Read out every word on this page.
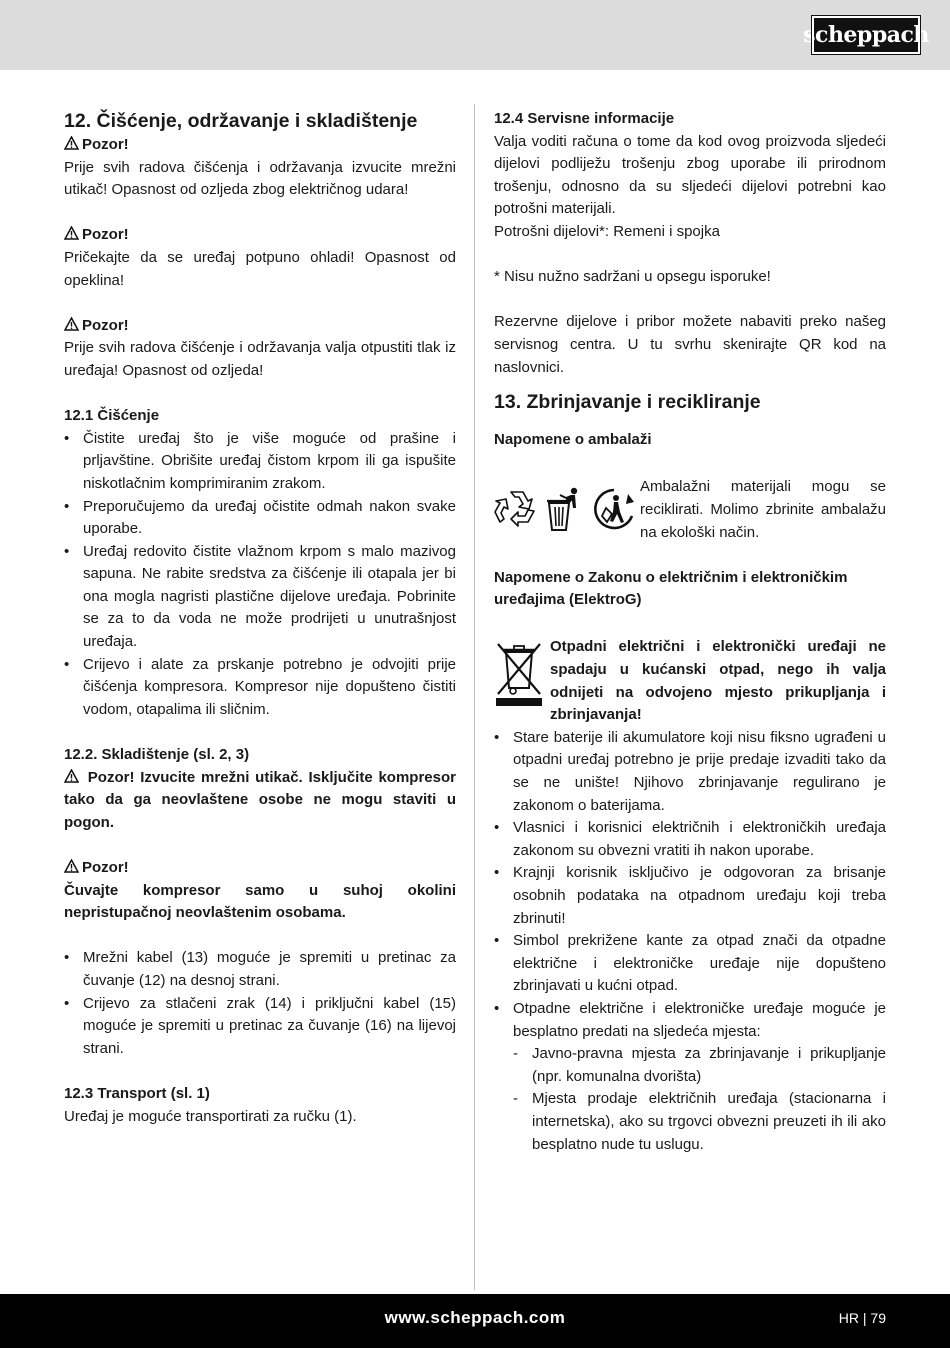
scheppach

12. Čišćenje, održavanje i skladištenje

Pozor!

Prije svih radova čišćenja i održavanja izvucite mrežni utikač! Opasnost od ozljeda zbog električnog udara!

Pozor!

Pričekajte da se uređaj potpuno ohladi! Opasnost od opeklina!

Pozor!

Prije svih radova čišćenje i održavanja valja otpustiti tlak iz uređaja! Opasnost od ozljeda!

12.1 Čišćenje

• Čistite uređaj što je više moguće od prašine i prljavštine. Obrišite uređaj čistom krpom ili ga ispušite niskotlačnim komprimiranim zrakom.
• Preporučujemo da uređaj očistite odmah nakon svake uporabe.
• Uređaj redovito čistite vlažnom krpom s malo mazivog sapuna. Ne rabite sredstva za čišćenje ili otapala jer bi ona mogla nagristi plastične dijelove uređaja. Pobrinite se za to da voda ne može prodrijeti u unutrašnjost uređaja.
• Crijevo i alate za prskanje potrebno je odvojiti prije čišćenja kompresora. Kompresor nije dopušteno čistiti vodom, otapalima ili sličnim.

12.2. Skladištenje (sl. 2, 3)

Pozor! Izvucite mrežni utikač. Isključite kompresor tako da ga neovlaštene osobe ne mogu staviti u pogon.

Pozor!

Čuvajte kompresor samo u suhoj okolini nepristupačnoj neovlaštenim osobama.

• Mrežni kabel (13) moguće je spremiti u pretinac za čuvanje (12) na desnoj strani.
• Crijevo za stlačeni zrak (14) i priključni kabel (15) moguće je spremiti u pretinac za čuvanje (16) na lijevoj strani.

12.3 Transport (sl. 1)

Uređaj je moguće transportirati za ručku (1).

12.4 Servisne informacije

Valja voditi računa o tome da kod ovog proizvoda sljedeći dijelovi podliježu trošenju zbog uporabe ili prirodnom trošenju, odnosno da su sljedeći dijelovi potrebni kao potrošni materijali.

Potrošni dijelovi*: Remeni i spojka

* Nisu nužno sadržani u opsegu isporuke!

Rezervne dijelove i pribor možete nabaviti preko našeg servisnog centra. U tu svrhu skenirajte QR kod na naslovnici.

13. Zbrinjavanje i recikliranje

Napomene o ambalaži

Ambalažni materijali mogu se reciklirati. Molimo zbrinite ambalažu na ekološki način.

Napomene o Zakonu o električnim i elektroničkim uređajima (ElektroG)

Otpadni električni i elektronički uređaji ne spadaju u kućanski otpad, nego ih valja odnijeti na odvojeno mjesto prikupljanja i zbrinjavanja!

• Stare baterije ili akumulatore koji nisu fiksno ugrađeni u otpadni uređaj potrebno je prije predaje izvaditi tako da se ne unište! Njihovo zbrinjavanje regulirano je zakonom o baterijama.
• Vlasnici i korisnici električnih i elektroničkih uređaja zakonom su obvezni vratiti ih nakon uporabe.
• Krajnji korisnik isključivo je odgovoran za brisanje osobnih podataka na otpadnom uređaju koji treba zbrinuti!
• Simbol prekrižene kante za otpad znači da otpadne električne i elektroničke uređaje nije dopušteno zbrinjavati u kućni otpad.
• Otpadne električne i elektroničke uređaje moguće je besplatno predati na sljedeća mjesta:
- Javno-pravna mjesta za zbrinjavanje i prikupljanje (npr. komunalna dvorišta)
- Mjesta prodaje električnih uređaja (stacionarna i internetska), ako su trgovci obvezni preuzeti ih ili ako besplatno nude tu uslugu.
www.scheppach.com	HR | 79
